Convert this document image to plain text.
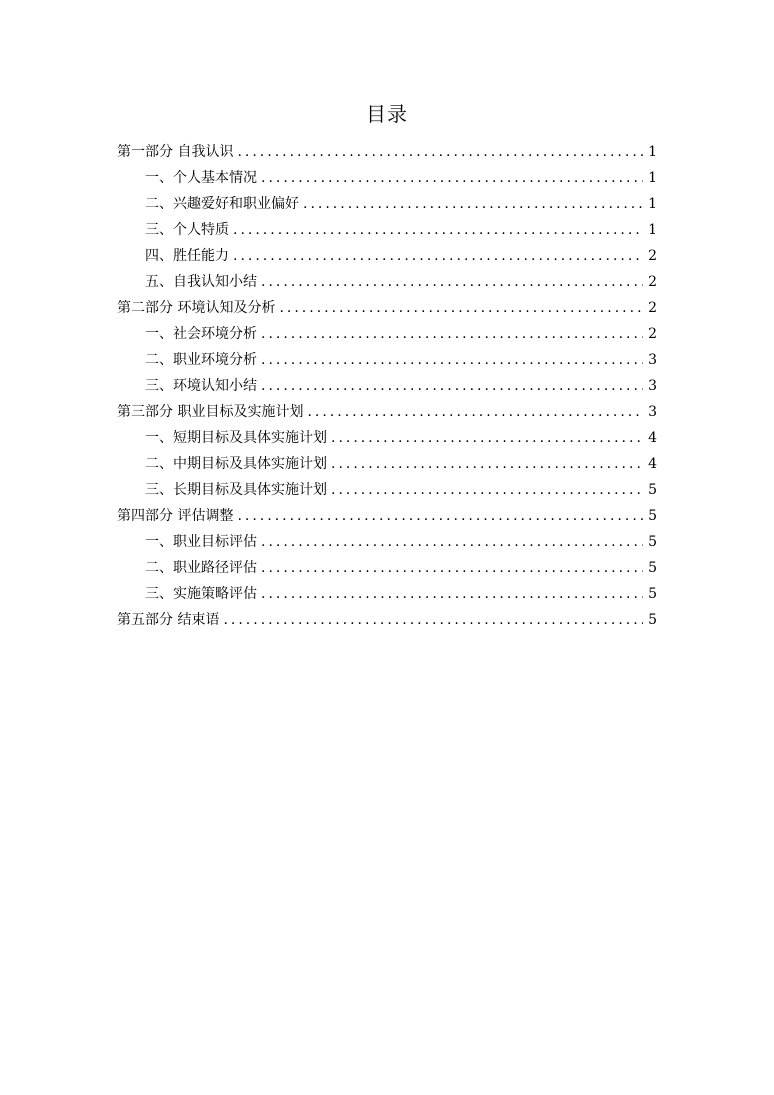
目录
第一部分 自我认识 .....	1
一、个人基本情况 .....	1
二、兴趣爱好和职业偏好 .....	1
三、个人特质 .....	1
四、胜任能力 .....	2
五、自我认知小结 .....	2
第二部分 环境认知及分析 .....	2
一、社会环境分析 .....	2
二、职业环境分析 .....	3
三、环境认知小结 .....	3
第三部分 职业目标及实施计划 .....	3
一、短期目标及具体实施计划 .....	4
二、中期目标及具体实施计划 .....	4
三、长期目标及具体实施计划 .....	5
第四部分 评估调整 .....	5
一、职业目标评估 .....	5
二、职业路径评估 .....	5
三、实施策略评估 .....	5
第五部分 结束语 .....	5
